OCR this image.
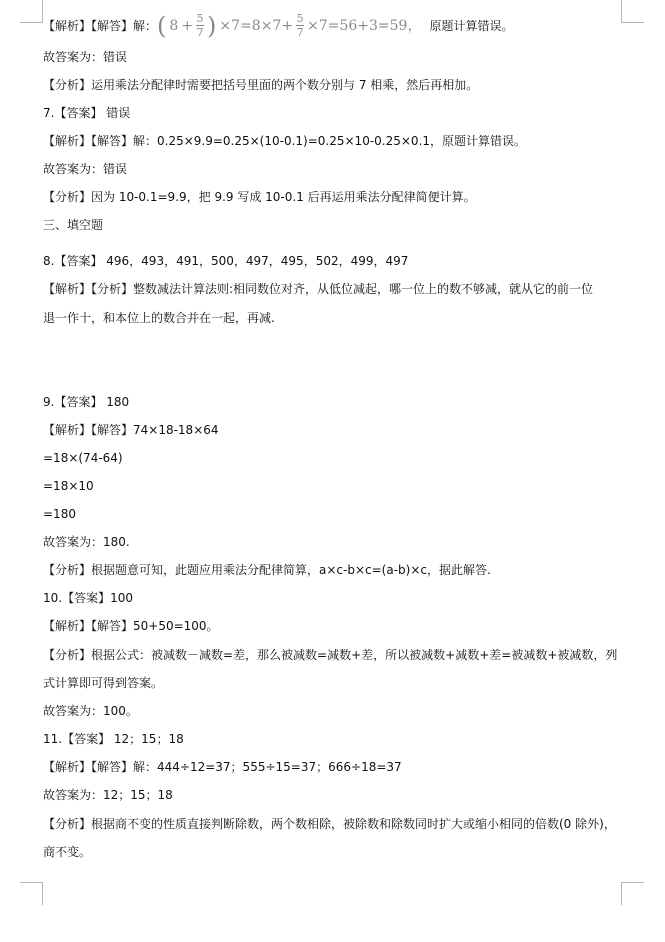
【解析】【解答】解： ( $8 + \frac{5}{7}$ ) $\times 7=8\times 7+ \frac{5}{7} \times 7=56+3=59$， 原题计算错误。
故答案为：错误
【分析】运用乘法分配律时需要把括号里面的两个数分别与 7 相乘，然后再相加。
7.【答案】 错误
【解析】【解答】解：0.25×9.9=0.25×(10-0.1)=0.25×10-0.25×0.1，原题计算错误。
故答案为：错误
【分析】因为 10-0.1=9.9，把 9.9 写成 10-0.1 后再运用乘法分配律简便计算。
三、填空题
8.【答案】 496，493，491，500，497，495，502，499，497
【解析】【分析】整数减法计算法则:相同数位对齐，从低位减起，哪一位上的数不够减，就从它的前一位
退一作十，和本位上的数合并在一起，再减.
9.【答案】 180
【解析】【解答】74×18-18×64
=18×(74-64)
=18×10
=180
故答案为：180.
【分析】根据题意可知，此题应用乘法分配律简算，a×c-b×c=(a-b)×c，据此解答.
10.【答案】100
【解析】【解答】50+50=100。
【分析】根据公式：被减数－减数=差，那么被减数=减数+差，所以被减数+减数+差=被减数+被减数，列
式计算即可得到答案。
故答案为：100。
11.【答案】 12；15；18
【解析】【解答】解：444÷12=37；555÷15=37；666÷18=37
故答案为：12；15；18
【分析】根据商不变的性质直接判断除数，两个数相除，被除数和除数同时扩大或缩小相同的倍数(0 除外)，
商不变。
